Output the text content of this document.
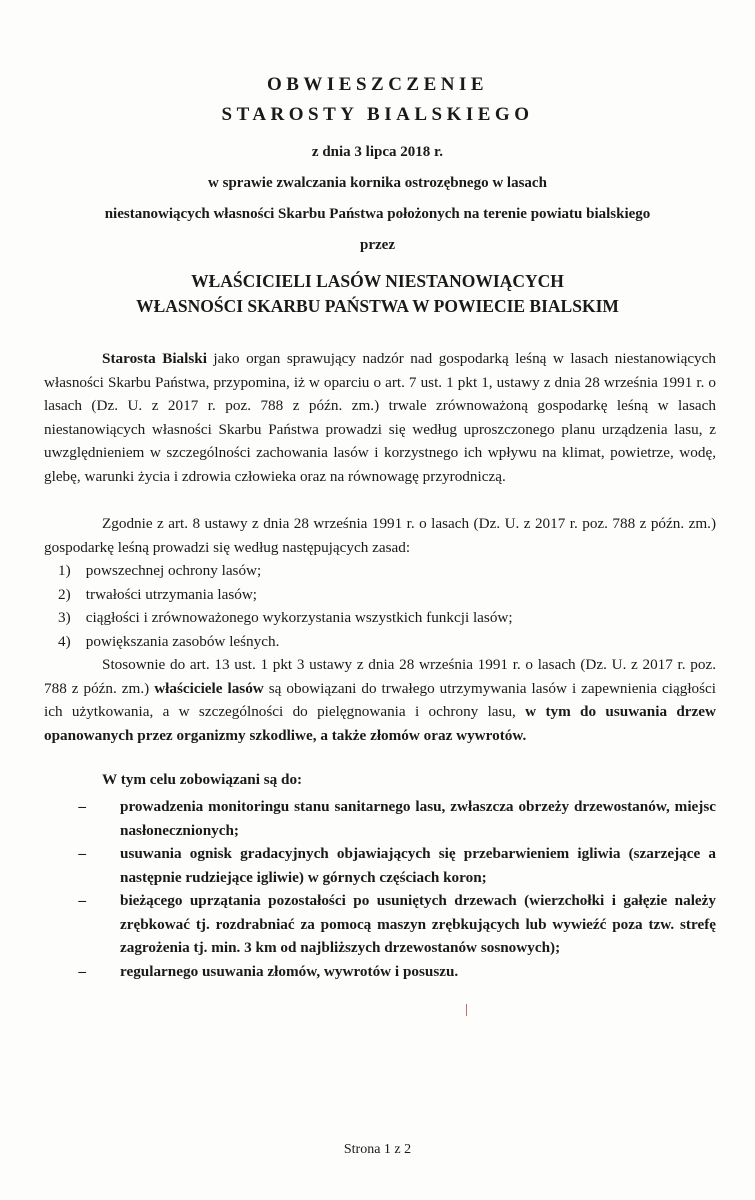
OBWIESZCZENIE
STAROSTY BIALSKIEGO
z dnia 3 lipca 2018 r.
w sprawie zwalczania kornika ostrozębnego w lasach
niestanowiących własności Skarbu Państwa położonych na terenie powiatu bialskiego
przez
WŁAŚCICIELI LASÓW NIESTANOWIĄCYCH
WŁASNOŚCI SKARBU PAŃSTWA W POWIECIE BIALSKIM
Starosta Bialski jako organ sprawujący nadzór nad gospodarką leśną w lasach niestanowiących własności Skarbu Państwa, przypomina, iż w oparciu o art. 7 ust. 1 pkt 1, ustawy z dnia 28 września 1991 r. o lasach (Dz. U. z 2017 r. poz. 788 z późn. zm.) trwale zrównoważoną gospodarkę leśną w lasach niestanowiących własności Skarbu Państwa prowadzi się według uproszczonego planu urządzenia lasu, z uwzględnieniem w szczególności zachowania lasów i korzystnego ich wpływu na klimat, powietrze, wodę, glebę, warunki życia i zdrowia człowieka oraz na równowagę przyrodniczą.
Zgodnie z art. 8 ustawy z dnia 28 września 1991 r. o lasach (Dz. U. z 2017 r. poz. 788 z późn. zm.) gospodarkę leśną prowadzi się według następujących zasad:
1) powszechnej ochrony lasów;
2) trwałości utrzymania lasów;
3) ciągłości i zrównoważonego wykorzystania wszystkich funkcji lasów;
4) powiększania zasobów leśnych.
Stosownie do art. 13 ust. 1 pkt 3 ustawy z dnia 28 września 1991 r. o lasach (Dz. U. z 2017 r. poz. 788 z późn. zm.) właściciele lasów są obowiązani do trwałego utrzymywania lasów i zapewnienia ciągłości ich użytkowania, a w szczególności do pielęgnowania i ochrony lasu, w tym do usuwania drzew opanowanych przez organizmy szkodliwe, a także złomów oraz wywrotów.
W tym celu zobowiązani są do:
– prowadzenia monitoringu stanu sanitarnego lasu, zwłaszcza obrzeży drzewostanów, miejsc nasłonecznionych;
– usuwania ognisk gradacyjnych objawiających się przebarwieniem igliwia (szarzejące a następnie rudziejące igliwie) w górnych częściach koron;
– bieżącego uprzątania pozostałości po usuniętych drzewach (wierzchołki i gałęzie należy zrębkować tj. rozdrabniać za pomocą maszyn zrębkujących lub wywieźć poza tzw. strefę zagrożenia tj. min. 3 km od najbliższych drzewostanów sosnowych);
– regularnego usuwania złomów, wywrotów i posuszu.
Strona 1 z 2
